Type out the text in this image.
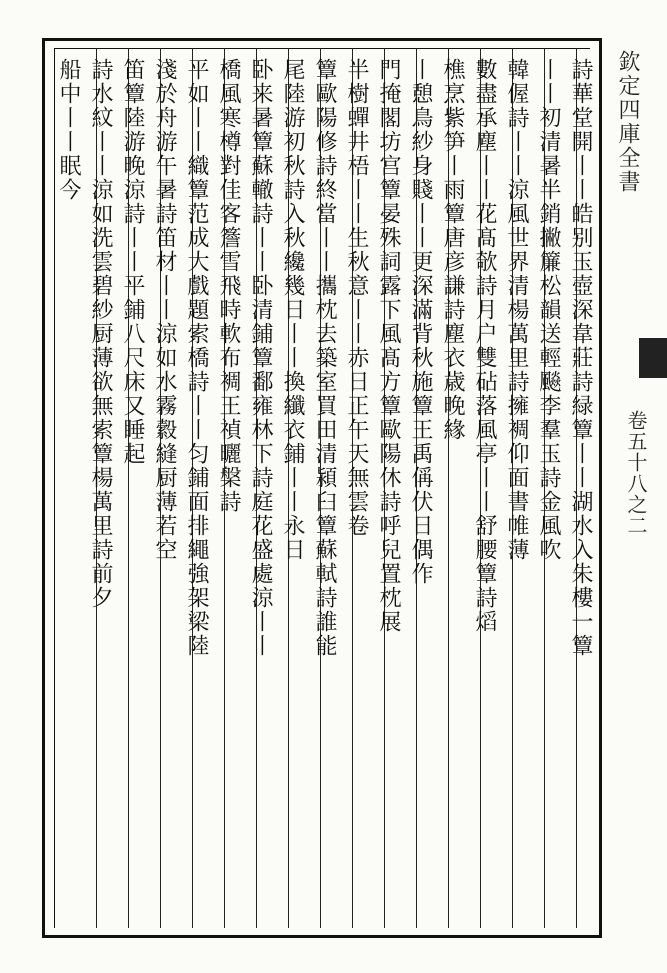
欽定四庫全書
卷五十八之二
詩華堂開丨丨皓别玉壺深韋莊詩緑簟丨丨湖水入朱樓一簟
丨丨初清暑半銷撇簾松韻送輕飈李羣玉詩金風吹
韓偓詩丨丨涼風世界清楊萬里詩擁裯仰面書帷薄
數盡承塵丨丨花髙欹詩月户雙砧落風亭丨丨舒腰簟詩熖
樵烹紫笋丨雨簟唐彦謙詩塵衣歳晚緣
丨憩鳥紗身賤丨丨更深滿背秋施簟王禹偁伏日偶作
門掩閣坊宫簟晏殊詞露下風髙方簟歐陽休詩呼兒置枕展
半樹蟬井梧丨丨生秋意丨丨赤日正午天無雲卷
簟歐陽修詩終當丨丨攜枕去築室買田清潁臼簟蘇軾詩誰能
尾陸游初秋詩入秋纔幾日丨丨換纖衣鋪丨丨永日
卧来暑簟蘇轍詩丨丨卧清鋪簟鄱雍林下詩庭花盛處涼丨丨
橋風寒樽對佳客簷雪飛時軟布裯王禎曬槃詩
平如丨丨織簟范成大戲題索橋詩丨丨匀鋪面排繩強架梁陸
淺於舟游午暑詩笛材丨丨涼如水霧縠縫厨薄若空
笛簟陸游晚涼詩丨丨平鋪八尺床又睡起
詩水紋丨丨涼如洗雲碧紗厨薄欲無索簟楊萬里詩前夕
船中丨丨眠今
